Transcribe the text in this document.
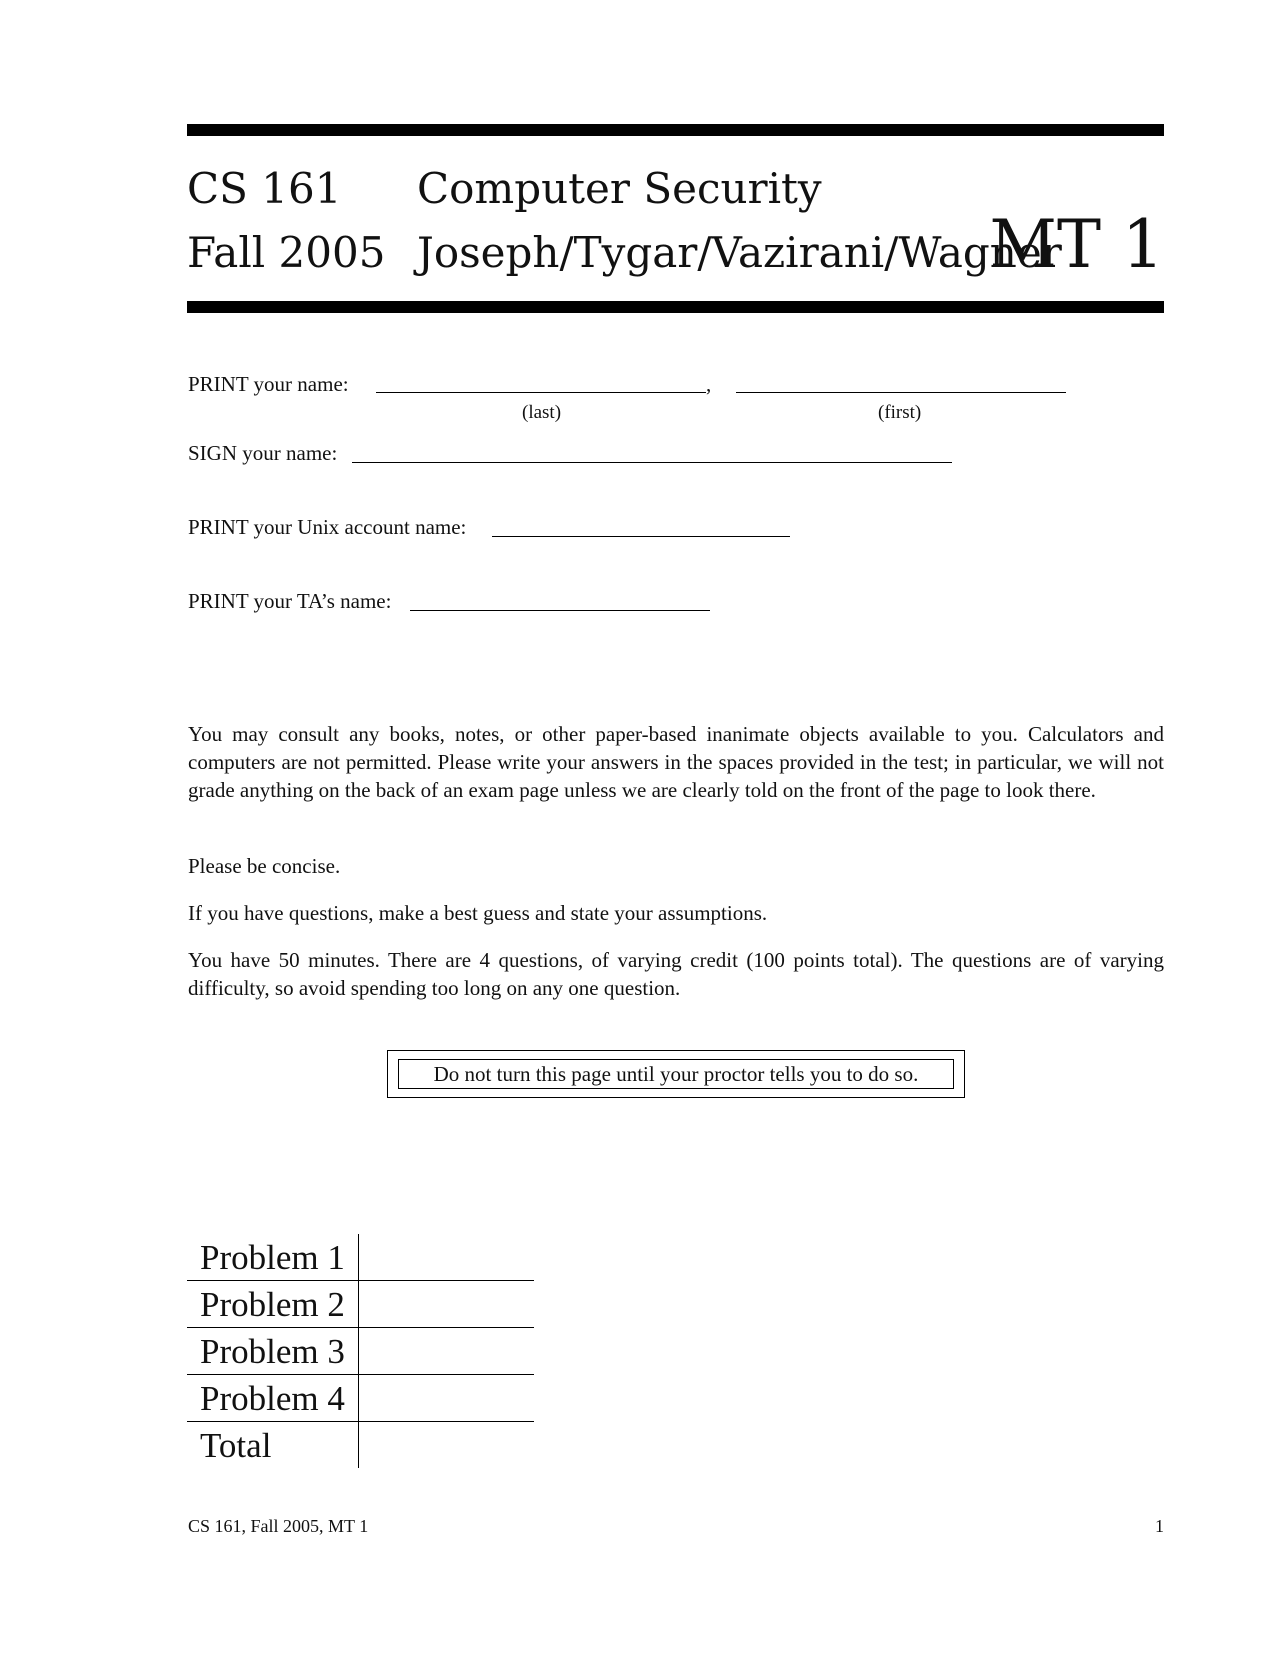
CS 161 Computer Security
Fall 2005 Joseph/Tygar/Vazirani/Wagner
MT 1
PRINT your name:	,
(last)	(first)
SIGN your name:
PRINT your Unix account name:
PRINT your TA’s name:
You may consult any books, notes, or other paper-based inanimate objects available to you. Calculators and computers are not permitted. Please write your answers in the spaces provided in the test; in particular, we will not grade anything on the back of an exam page unless we are clearly told on the front of the page to look there.
Please be concise.
If you have questions, make a best guess and state your assumptions.
You have 50 minutes. There are 4 questions, of varying credit (100 points total). The questions are of varying difficulty, so avoid spending too long on any one question.
Do not turn this page until your proctor tells you to do so.
Problem 1	
Problem 2	
Problem 3	
Problem 4	
Total	
CS 161, Fall 2005, MT 1	1
